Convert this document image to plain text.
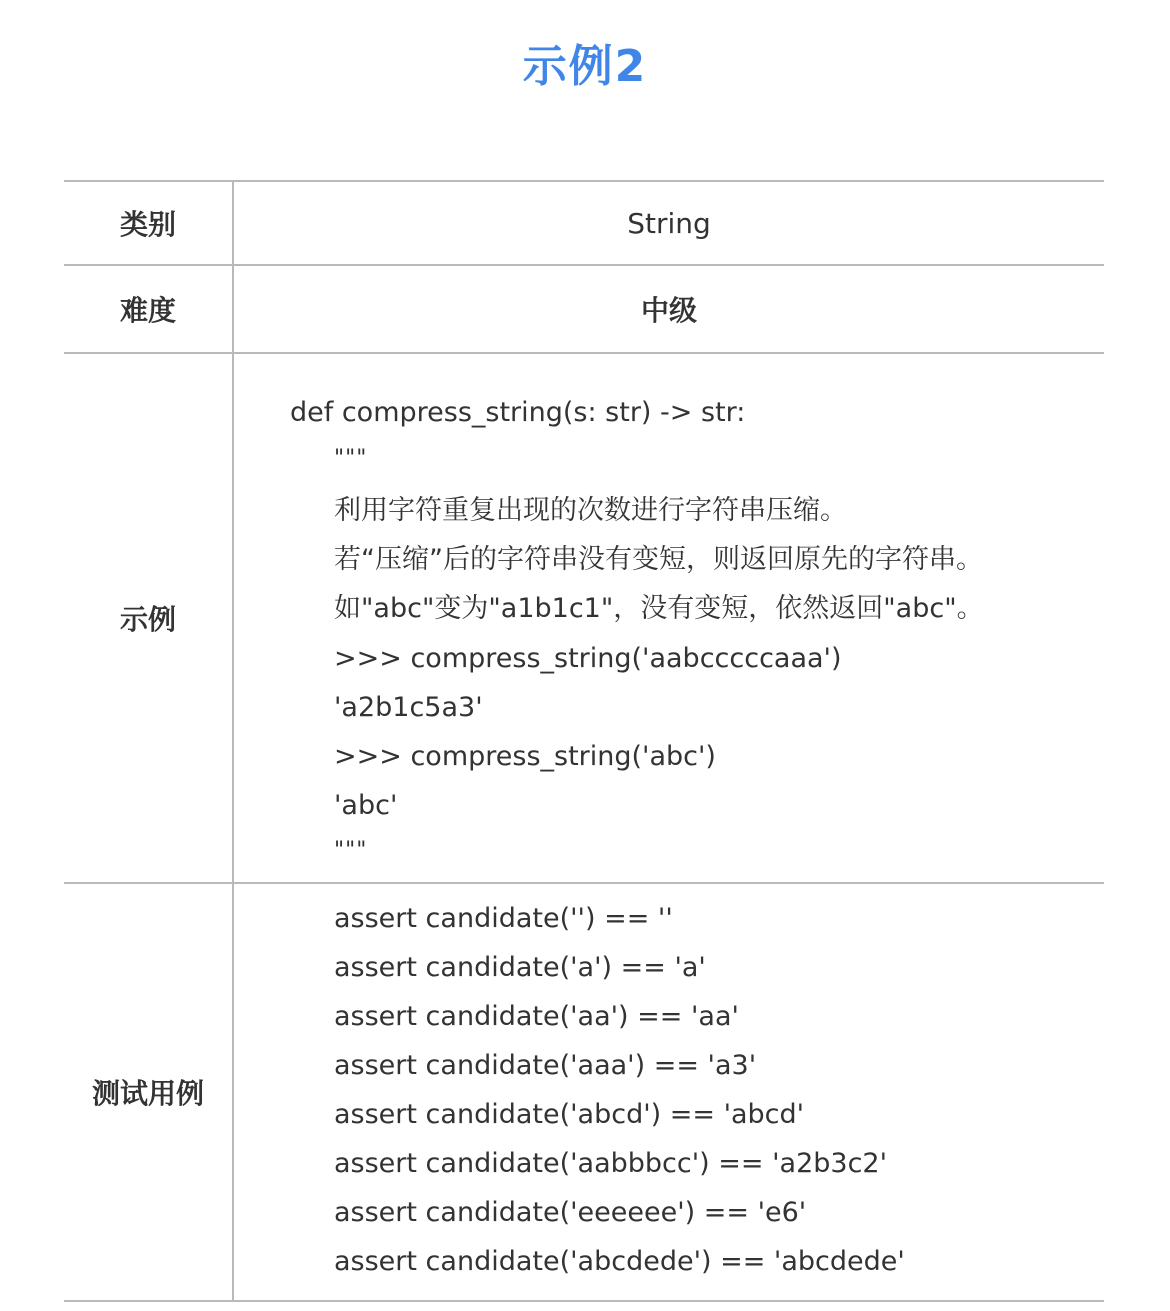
示例2
类别	String
难度	中级
示例
def compress_string(s: str) -> str:
"""
利用字符重复出现的次数进行字符串压缩。
若“压缩”后的字符串没有变短，则返回原先的字符串。
如"abc"变为"a1b1c1"，没有变短，依然返回"abc"。
>>> compress_string('aabcccccaaa')
'a2b1c5a3'
>>> compress_string('abc')
'abc'
"""
测试用例
assert candidate('') == ''
assert candidate('a') == 'a'
assert candidate('aa') == 'aa'
assert candidate('aaa') == 'a3'
assert candidate('abcd') == 'abcd'
assert candidate('aabbbcc') == 'a2b3c2'
assert candidate('eeeeee') == 'e6'
assert candidate('abcdede') == 'abcdede'
